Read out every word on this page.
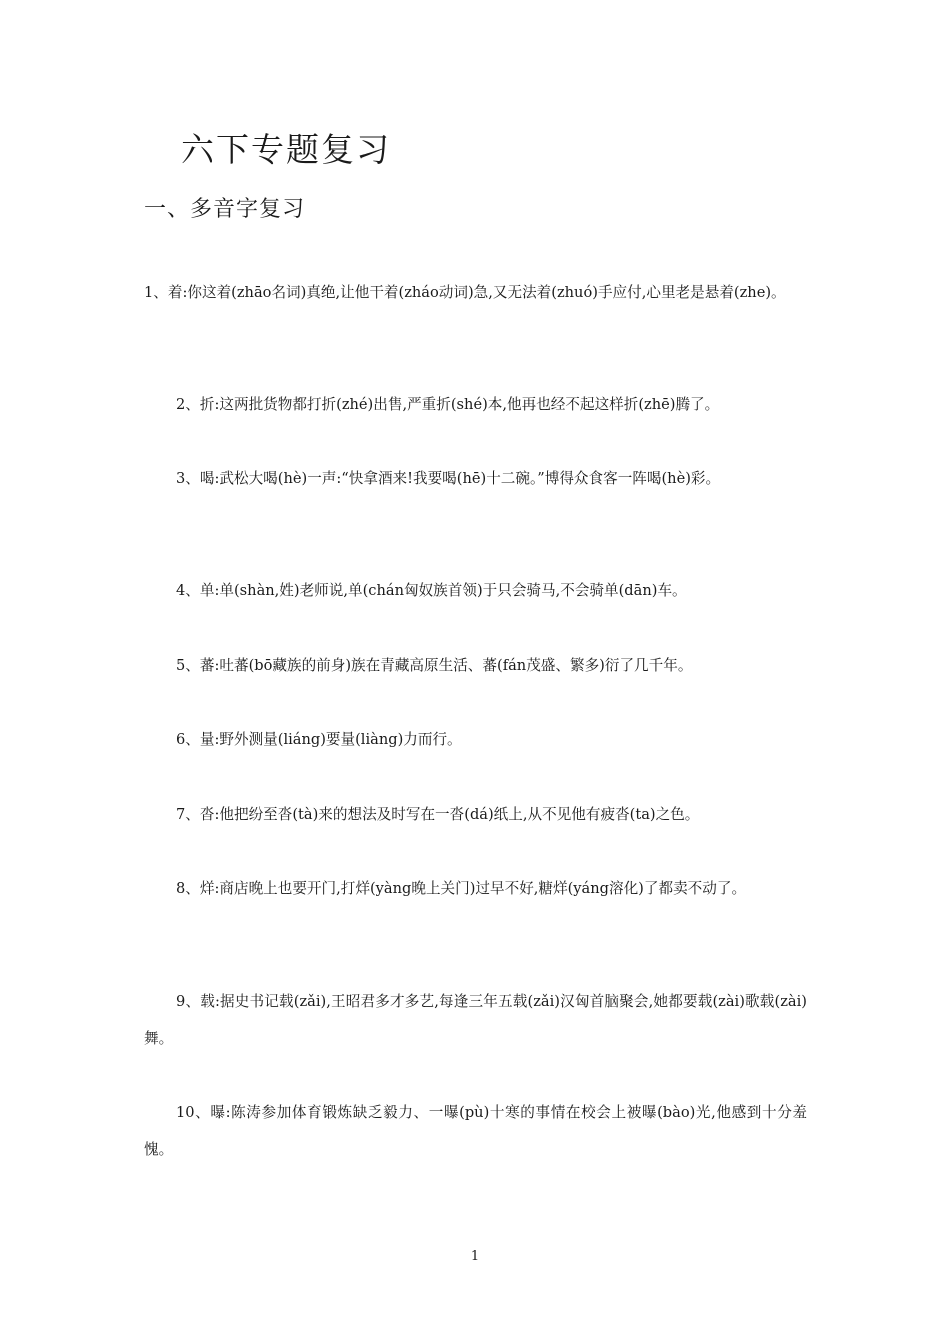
六下专题复习
一、多音字复习

1、着:你这着(zhāo名词)真绝,让他干着(zháo动词)急,又无法着(zhuó)手应付,心里老是悬着(zhe)。

2、折:这两批货物都打折(zhé)出售,严重折(shé)本,他再也经不起这样折(zhē)腾了。

3、喝:武松大喝(hè)一声:“快拿酒来!我要喝(hē)十二碗。”博得众食客一阵喝(hè)彩。

4、单:单(shàn,姓)老师说,单(chán匈奴族首领)于只会骑马,不会骑单(dān)车。

5、蕃:吐蕃(bō藏族的前身)族在青藏高原生活、蕃(fán茂盛、繁多)衍了几千年。

6、量:野外测量(liáng)要量(liàng)力而行。

7、沓:他把纷至沓(tà)来的想法及时写在一沓(dá)纸上,从不见他有疲沓(ta)之色。

8、烊:商店晚上也要开门,打烊(yàng晚上关门)过早不好,糖烊(yáng溶化)了都卖不动了。

9、载:据史书记载(zǎi),王昭君多才多艺,每逢三年五载(zǎi)汉匈首脑聚会,她都要载(zài)歌载(zài)舞。

10、曝:陈涛参加体育锻炼缺乏毅力、一曝(pù)十寒的事情在校会上被曝(bào)光,他感到十分羞愧。

1
